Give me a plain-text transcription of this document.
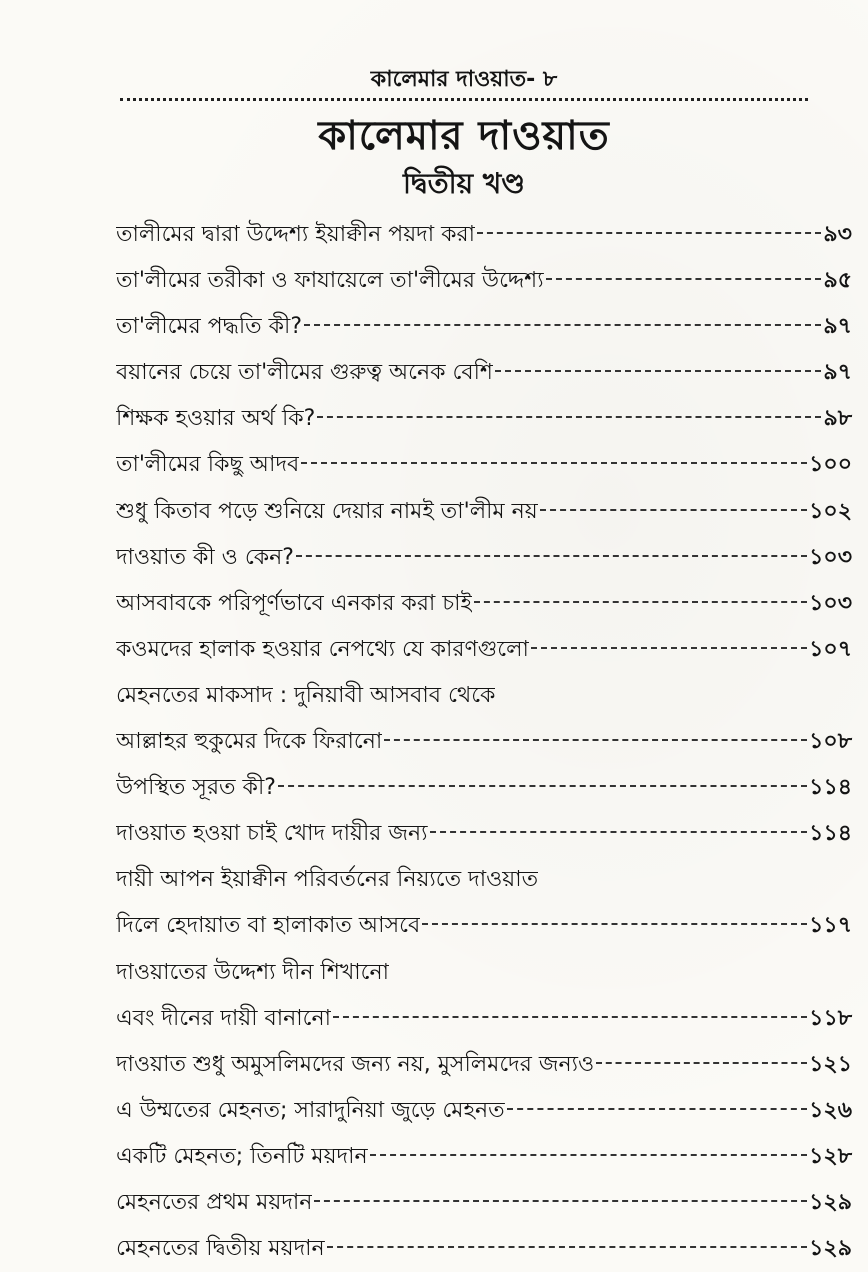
কালেমার দাওয়াত- ৮
কালেমার দাওয়াত
দ্বিতীয় খণ্ড
তালীমের দ্বারা উদ্দেশ্য ইয়াক্বীন পয়দা করা	৯৩
তা'লীমের তরীকা ও ফাযায়েলে তা'লীমের উদ্দেশ্য	৯৫
তা'লীমের পদ্ধতি কী?	৯৭
বয়ানের চেয়ে তা'লীমের গুরুত্ব অনেক বেশি	৯৭
শিক্ষক হওয়ার অর্থ কি?	৯৮
তা'লীমের কিছু আদব	১০০
শুধু কিতাব পড়ে শুনিয়ে দেয়ার নামই তা'লীম নয়	১০২
দাওয়াত কী ও কেন?	১০৩
আসবাবকে পরিপূর্ণভাবে এনকার করা চাই	১০৩
কওমদের হালাক হওয়ার নেপথ্যে যে কারণগুলো	১০৭
মেহনতের মাকসাদ : দুনিয়াবী আসবাব থেকে
আল্লাহর হুকুমের দিকে ফিরানো	১০৮
উপস্থিত সূরত কী?	১১৪
দাওয়াত হওয়া চাই খোদ দায়ীর জন্য	১১৪
দায়ী আপন ইয়াক্বীন পরিবর্তনের নিয়্যতে দাওয়াত
দিলে হেদায়াত বা হালাকাত আসবে	১১৭
দাওয়াতের উদ্দেশ্য দীন শিখানো
এবং দীনের দায়ী বানানো	১১৮
দাওয়াত শুধু অমুসলিমদের জন্য নয়, মুসলিমদের জন্যও	১২১
এ উম্মতের মেহনত; সারাদুনিয়া জুড়ে মেহনত	১২৬
একটি মেহনত; তিনটি ময়দান	১২৮
মেহনতের প্রথম ময়দান	১২৯
মেহনতের দ্বিতীয় ময়দান	১২৯
